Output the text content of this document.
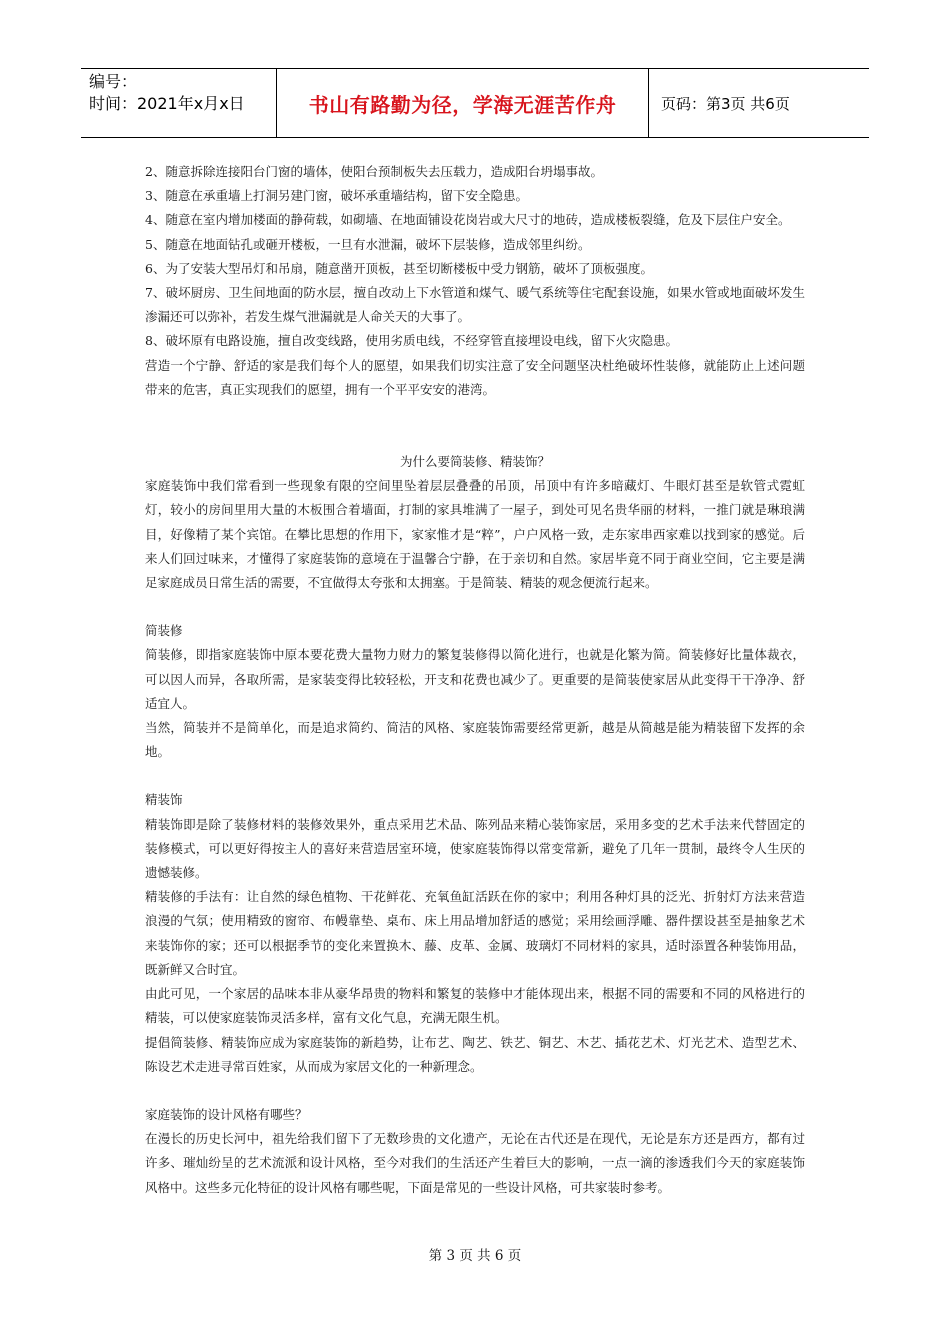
编号：
时间：2021年x月x日	书山有路勤为径，学海无涯苦作舟	页码：第3页 共6页

2、随意拆除连接阳台门窗的墙体，使阳台预制板失去压载力，造成阳台坍塌事故。

3、随意在承重墙上打洞另建门窗，破坏承重墙结构，留下安全隐患。

4、随意在室内增加楼面的静荷载，如砌墙、在地面铺设花岗岩或大尺寸的地砖，造成楼板裂缝，危及下层住户安全。

5、随意在地面钻孔或砸开楼板，一旦有水泄漏，破坏下层装修，造成邻里纠纷。

6、为了安装大型吊灯和吊扇，随意凿开顶板，甚至切断楼板中受力钢筋，破坏了顶板强度。

7、破坏厨房、卫生间地面的防水层，擅自改动上下水管道和煤气、暖气系统等住宅配套设施，如果水管或地面破坏发生渗漏还可以弥补，若发生煤气泄漏就是人命关天的大事了。

8、破坏原有电路设施，擅自改变线路，使用劣质电线，不经穿管直接埋设电线，留下火灾隐患。

营造一个宁静、舒适的家是我们每个人的愿望，如果我们切实注意了安全问题坚决杜绝破坏性装修，就能防止上述问题带来的危害，真正实现我们的愿望，拥有一个平平安安的港湾。

为什么要简装修、精装饰？

家庭装饰中我们常看到一些现象有限的空间里坠着层层叠叠的吊顶，吊顶中有许多暗藏灯、牛眼灯甚至是软管式霓虹灯，较小的房间里用大量的木板围合着墙面，打制的家具堆满了一屋子，到处可见名贵华丽的材料，一推门就是琳琅满目，好像精了某个宾馆。在攀比思想的作用下，家家惟才是“粹”，户户风格一致，走东家串西家难以找到家的感觉。后来人们回过味来，才懂得了家庭装饰的意境在于温馨合宁静，在于亲切和自然。家居毕竟不同于商业空间，它主要是满足家庭成员日常生活的需要，不宜做得太夸张和太拥塞。于是简装、精装的观念便流行起来。

简装修

简装修，即指家庭装饰中原本要花费大量物力财力的繁复装修得以简化进行，也就是化繁为简。简装修好比量体裁衣，可以因人而异，各取所需，是家装变得比较轻松，开支和花费也减少了。更重要的是简装使家居从此变得干干净净、舒适宜人。

当然，简装并不是简单化，而是追求简约、简洁的风格、家庭装饰需要经常更新，越是从简越是能为精装留下发挥的余地。

精装饰

精装饰即是除了装修材料的装修效果外，重点采用艺术品、陈列品来精心装饰家居，采用多变的艺术手法来代替固定的装修模式，可以更好得按主人的喜好来营造居室环境，使家庭装饰得以常变常新，避免了几年一贯制，最终令人生厌的遗憾装修。

精装修的手法有：让自然的绿色植物、干花鲜花、充氧鱼缸活跃在你的家中；利用各种灯具的泛光、折射灯方法来营造浪漫的气氛；使用精致的窗帘、布幔靠垫、桌布、床上用品增加舒适的感觉；采用绘画浮雕、器件摆设甚至是抽象艺术来装饰你的家；还可以根据季节的变化来置换木、藤、皮革、金属、玻璃灯不同材料的家具，适时添置各种装饰用品，既新鲜又合时宜。

由此可见，一个家居的品味本非从豪华昂贵的物料和繁复的装修中才能体现出来，根据不同的需要和不同的风格进行的精装，可以使家庭装饰灵活多样，富有文化气息，充满无限生机。

提倡简装修、精装饰应成为家庭装饰的新趋势，让布艺、陶艺、铁艺、铜艺、木艺、插花艺术、灯光艺术、造型艺术、陈设艺术走进寻常百姓家，从而成为家居文化的一种新理念。

家庭装饰的设计风格有哪些？

在漫长的历史长河中，祖先给我们留下了无数珍贵的文化遗产，无论在古代还是在现代，无论是东方还是西方，都有过许多、璀灿纷呈的艺术流派和设计风格，至今对我们的生活还产生着巨大的影响，一点一滴的渗透我们今天的家庭装饰风格中。这些多元化特征的设计风格有哪些呢，下面是常见的一些设计风格，可共家装时参考。

第 3 页 共 6 页
